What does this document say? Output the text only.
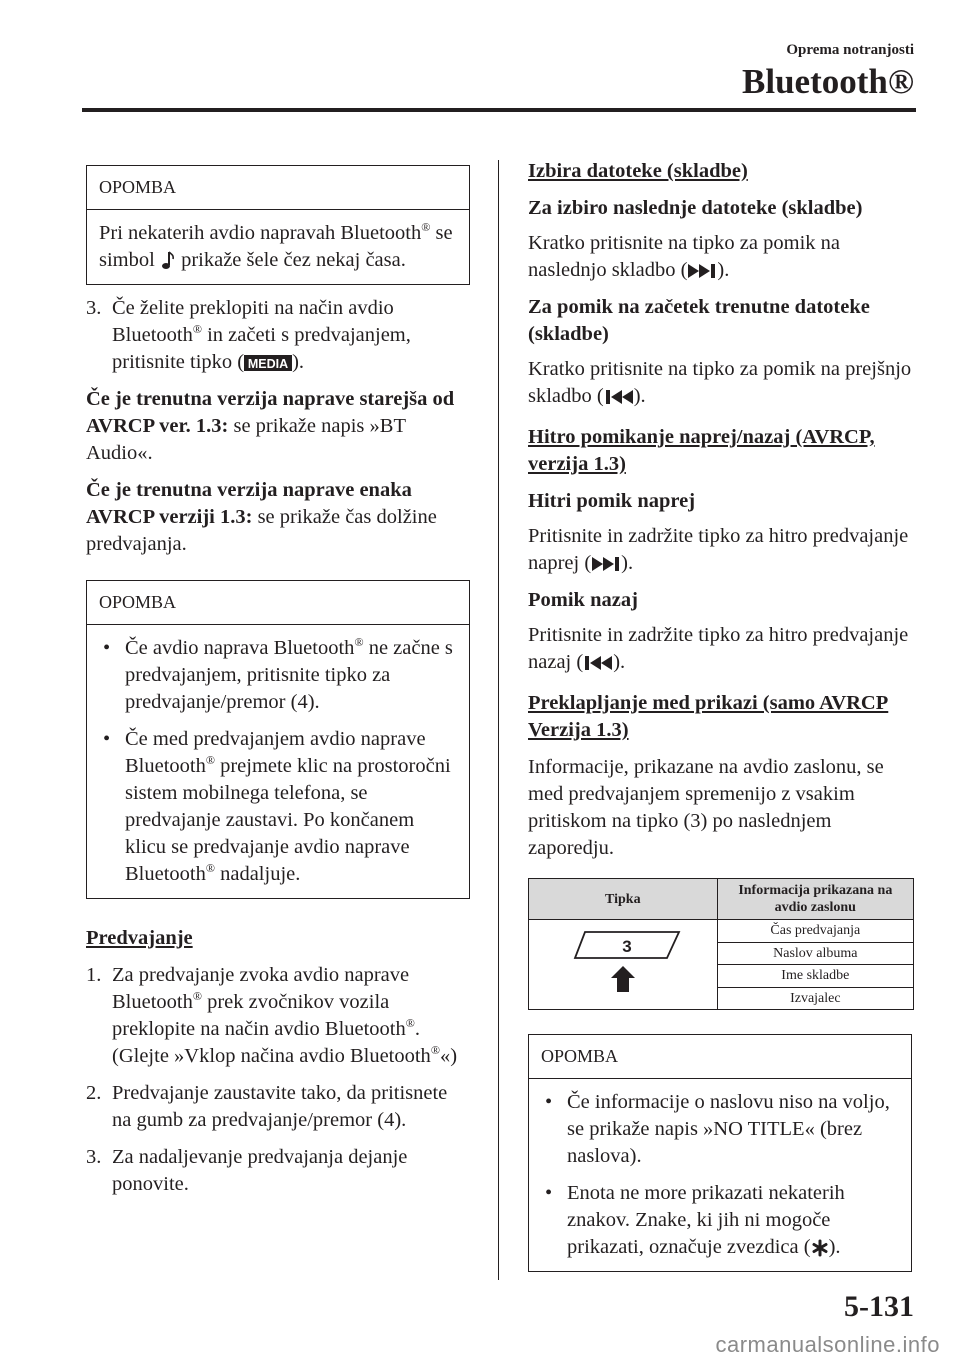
Oprema notranjosti
Bluetooth®
OPOMBA

Pri nekaterih avdio napravah Bluetooth® se simbol  prikaže šele čez nekaj časa.

3. Če želite preklopiti na način avdio Bluetooth® in začeti s predvajanjem, pritisnite tipko ( MEDIA ).

Če je trenutna verzija naprave starejša od AVRCP ver. 1.3: se prikaže napis »BT Audio«.

Če je trenutna verzija naprave enaka AVRCP verziji 1.3: se prikaže čas dolžine predvajanja.

OPOMBA
• Če avdio naprava Bluetooth® ne začne s predvajanjem, pritisnite tipko za predvajanje/premor (4).
• Če med predvajanjem avdio naprave Bluetooth® prejmete klic na prostoročni sistem mobilnega telefona, se predvajanje zaustavi. Po končanem klicu se predvajanje avdio naprave Bluetooth® nadaljuje.
Predvajanje
1. Za predvajanje zvoka avdio naprave Bluetooth® prek zvočnikov vozila preklopite na način avdio Bluetooth®. (Glejte »Vklop načina avdio Bluetooth®«)
2. Predvajanje zaustavite tako, da pritisnete na gumb za predvajanje/premor (4).
3. Za nadaljevanje predvajanja dejanje ponovite.
Izbira datoteke (skladbe)
Za izbiro naslednje datoteke (skladbe)

Kratko pritisnite na tipko za pomik na naslednjo skladbo ( ).

Za pomik na začetek trenutne datoteke (skladbe)

Kratko pritisnite na tipko za pomik na prejšnjo skladbo ( ).

Hitro pomikanje naprej/nazaj (AVRCP, verzija 1.3)
Hitri pomik naprej

Pritisnite in zadržite tipko za hitro predvajanje naprej ( ).

Pomik nazaj

Pritisnite in zadržite tipko za hitro predvajanje nazaj ( ).

Preklapljanje med prikazi (samo AVRCP Verzija 1.3)

Informacije, prikazane na avdio zaslonu, se med predvajanjem spremenijo z vsakim pritiskom na tipko (3) po naslednjem zaporedju.

Tipka	Informacija prikazana na avdio zaslonu

3	Čas predvajanja
	Naslov albuma
	Ime skladbe
	Izvajalec
OPOMBA
• Če informacije o naslovu niso na voljo, se prikaže napis »NO TITLE« (brez naslova).
• Enota ne more prikazati nekaterih znakov. Znake, ki jih ni mogoče prikazati, označuje zvezdica ( ).
5-131
carmanualsonline.info
